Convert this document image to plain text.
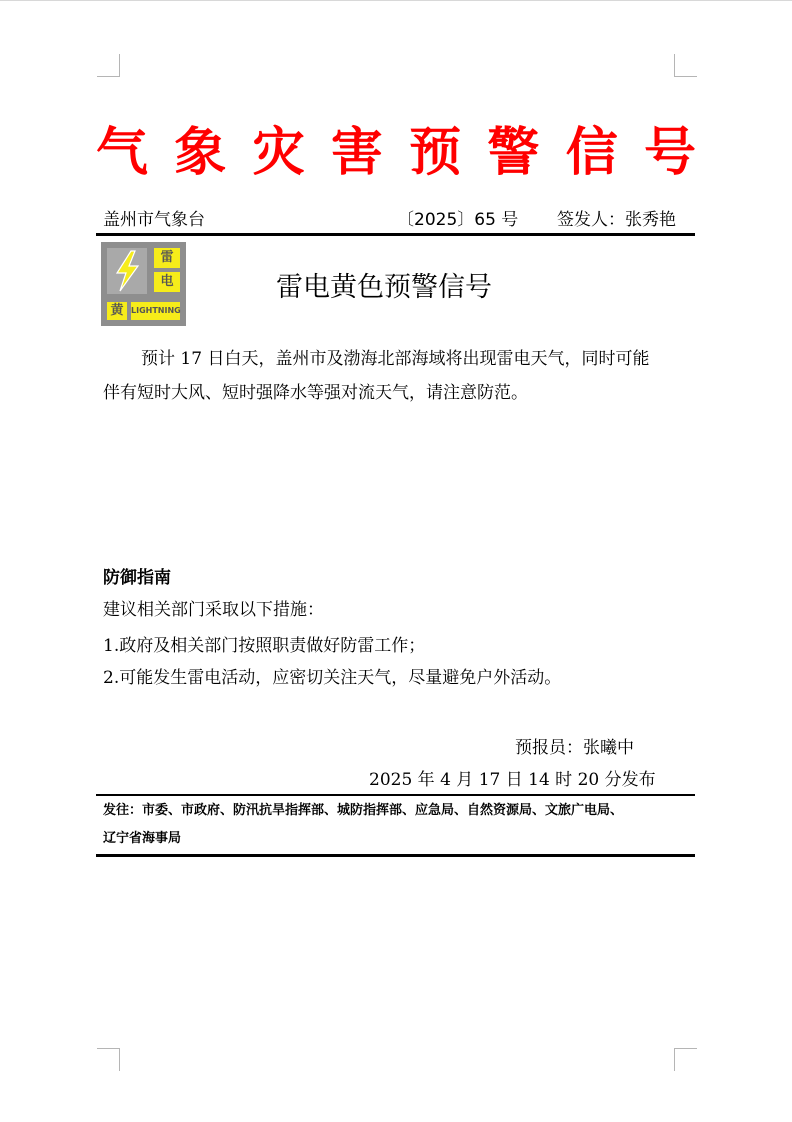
气 象 灾 害 预 警 信 号
盖州市气象台	〔2025〕65 号 签发人：张秀艳
雷
电
黄 LIGHTNING
雷电黄色预警信号
预计 17 日白天，盖州市及渤海北部海域将出现雷电天气，同时可能
伴有短时大风、短时强降水等强对流天气，请注意防范。
防御指南
建议相关部门采取以下措施：
1.政府及相关部门按照职责做好防雷工作；
2.可能发生雷电活动，应密切关注天气，尽量避免户外活动。
预报员：张曦中
2025 年 4 月 17 日 14 时 20 分发布
发往：市委、市政府、防汛抗旱指挥部、城防指挥部、应急局、自然资源局、文旅广电局、
辽宁省海事局
